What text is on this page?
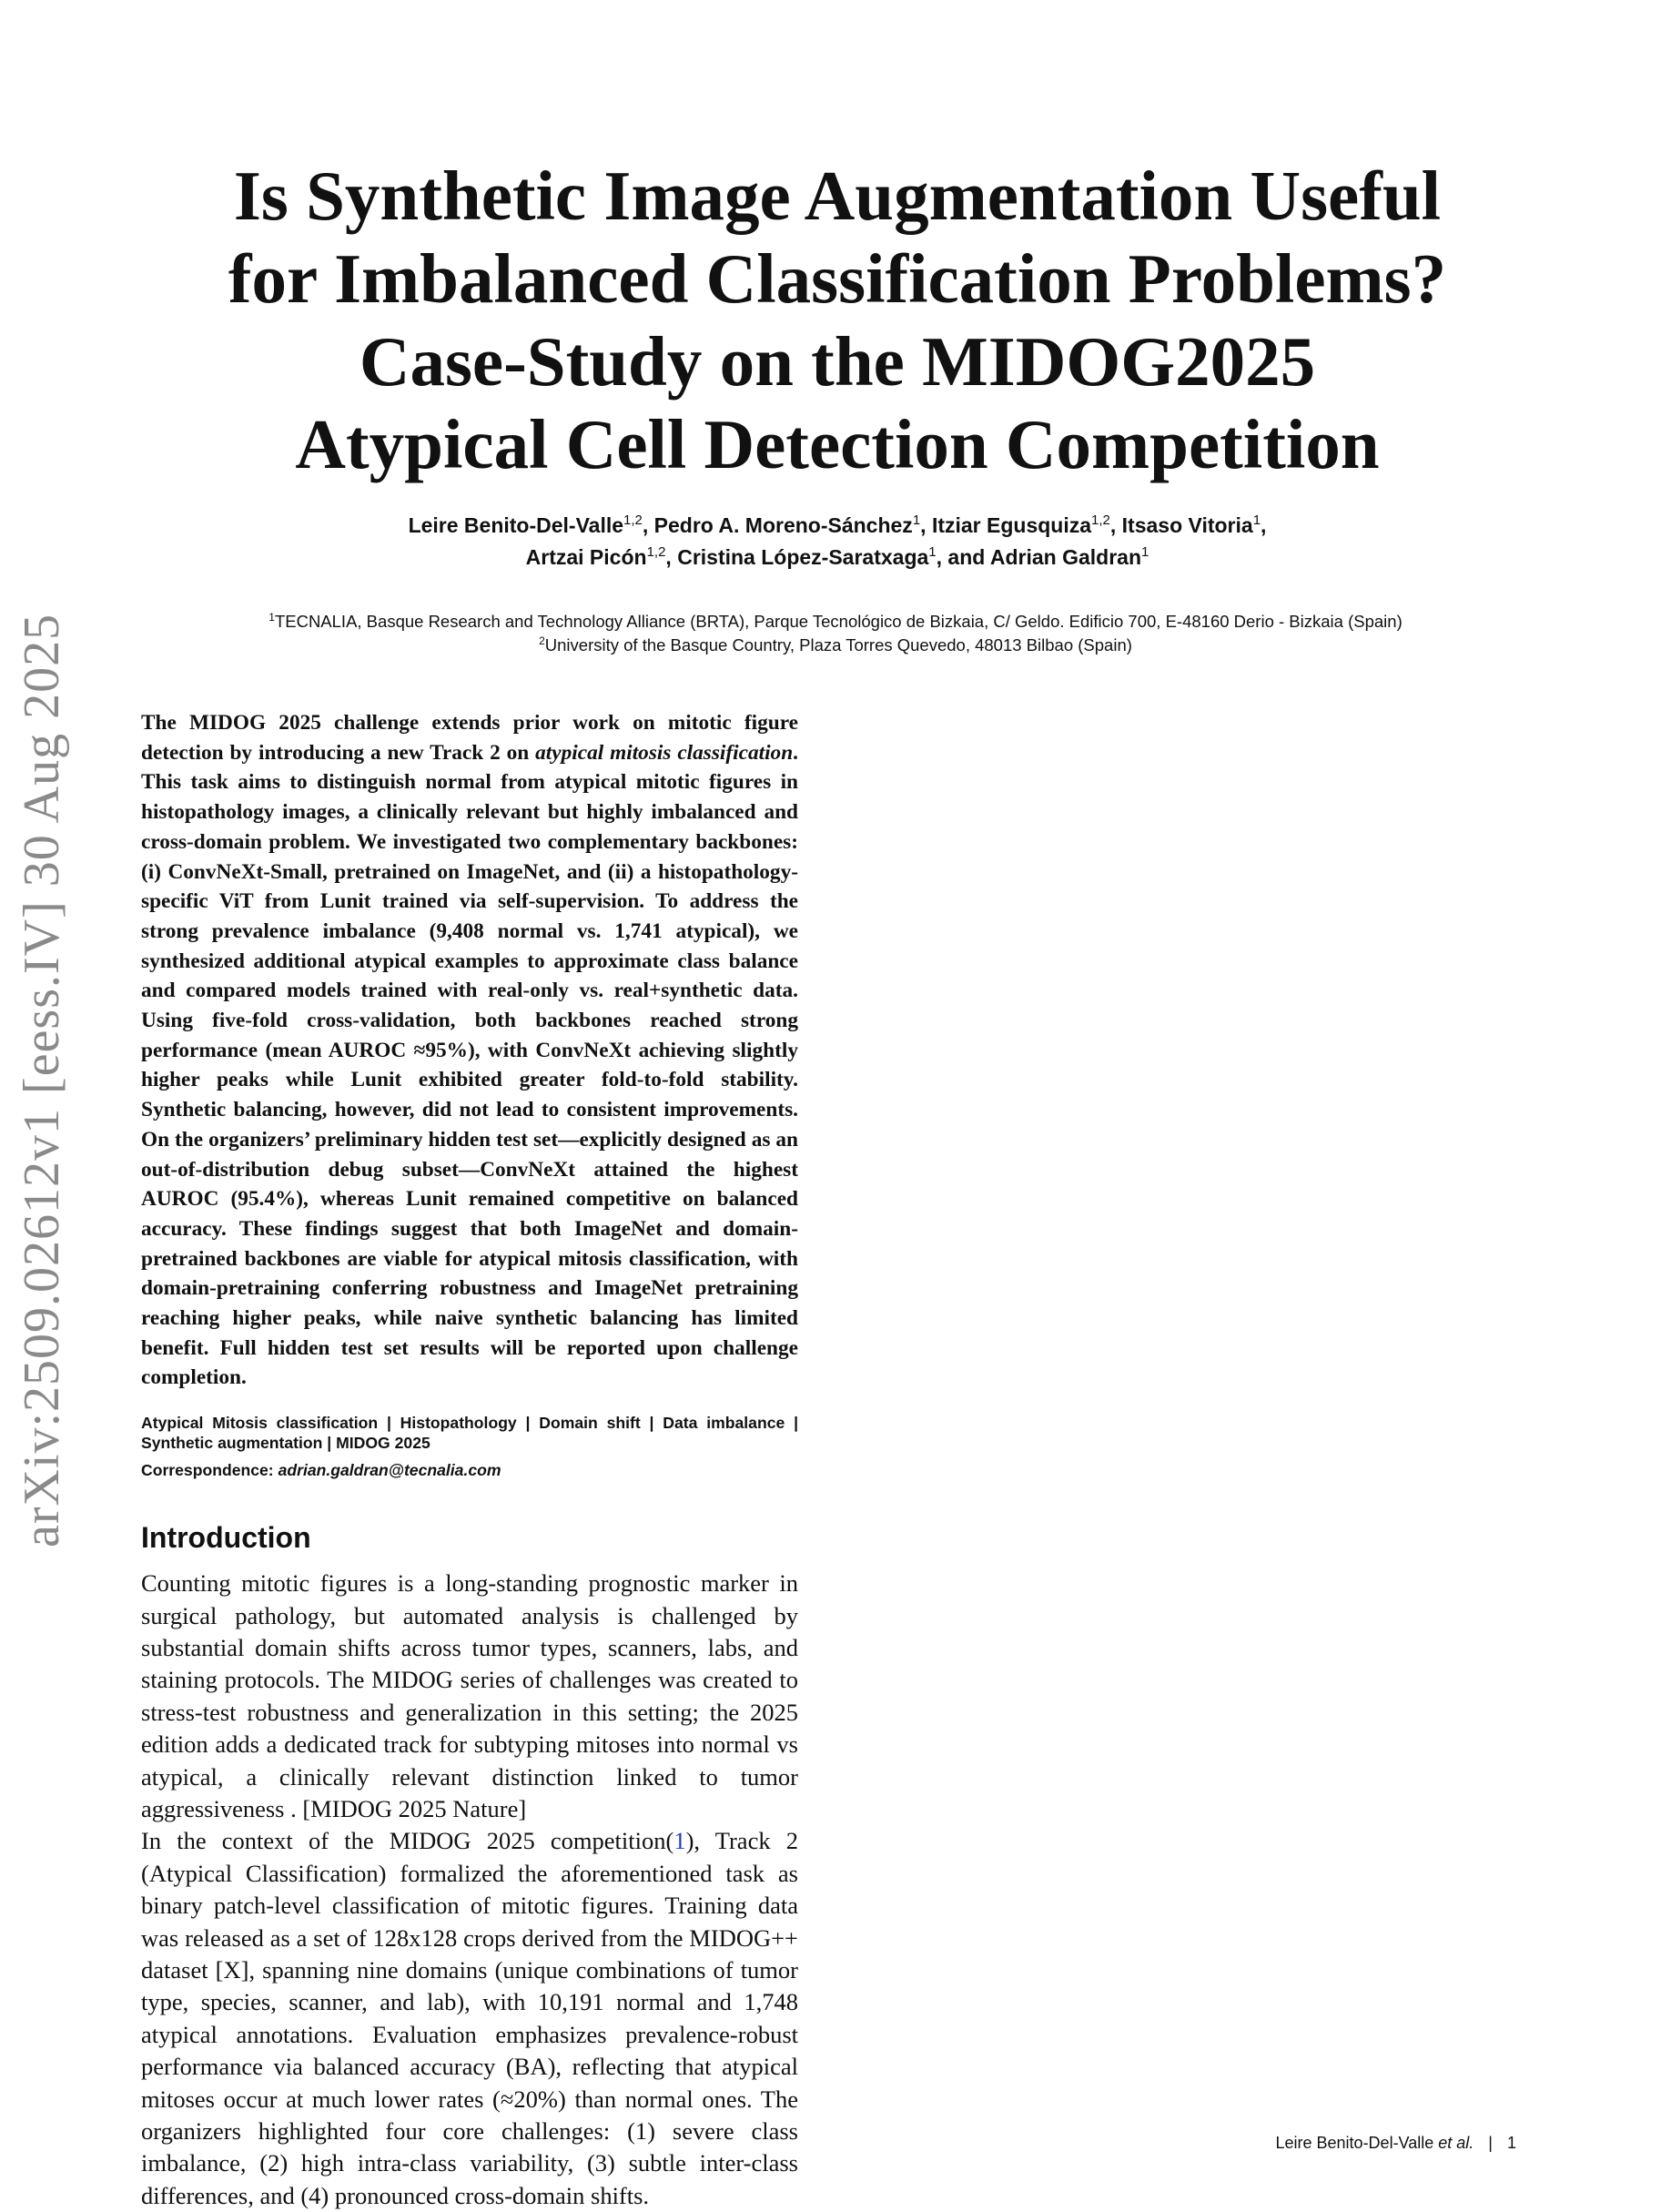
arXiv:2509.02612v1 [eess.IV] 30 Aug 2025
Is Synthetic Image Augmentation Useful
for Imbalanced Classification Problems?
Case-Study on the MIDOG2025
Atypical Cell Detection Competition
Leire Benito-Del-Valle$^{1,2}$, Pedro A. Moreno-Sánchez$^1$, Itziar Egusquiza$^{1,2}$, Itsaso Vitoria$^1$,
Artzai Picón$^{1,2}$, Cristina López-Saratxaga$^1$, and Adrian Galdran$^1$
$^1$TECNALIA, Basque Research and Technology Alliance (BRTA), Parque Tecnológico de Bizkaia, C/ Geldo. Edificio 700, E-48160 Derio - Bizkaia (Spain)
$^2$University of the Basque Country, Plaza Torres Quevedo, 48013 Bilbao (Spain)

The MIDOG 2025 challenge extends prior work on mitotic figure detection by introducing a new Track 2 on atypical mitosis classification. This task aims to distinguish normal from atypical mitotic figures in histopathology images, a clinically relevant but highly imbalanced and cross-domain problem. We investigated two complementary backbones: (i) ConvNeXt-Small, pretrained on ImageNet, and (ii) a histopathology-specific ViT from Lunit trained via self-supervision. To address the strong prevalence imbalance (9,408 normal vs. 1,741 atypical), we synthesized additional atypical examples to approximate class balance and compared models trained with real-only vs. real+synthetic data. Using five-fold cross-validation, both backbones reached strong performance (mean AUROC ≈95%), with ConvNeXt achieving slightly higher peaks while Lunit exhibited greater fold-to-fold stability. Synthetic balancing, however, did not lead to consistent improvements. On the organizers’ preliminary hidden test set—explicitly designed as an out-of-distribution debug subset—ConvNeXt attained the highest AUROC (95.4%), whereas Lunit remained competitive on balanced accuracy. These findings suggest that both ImageNet and domain-pretrained backbones are viable for atypical mitosis classification, with domain-pretraining conferring robustness and ImageNet pretraining reaching higher peaks, while naive synthetic balancing has limited benefit. Full hidden test set results will be reported upon challenge completion.

Atypical Mitosis classification | Histopathology | Domain shift | Data imbalance | Synthetic augmentation | MIDOG 2025

Correspondence: adrian.galdran@tecnalia.com

Introduction

Counting mitotic figures is a long-standing prognostic marker in surgical pathology, but automated analysis is challenged by substantial domain shifts across tumor types, scanners, labs, and staining protocols. The MIDOG series of challenges was created to stress-test robustness and generalization in this setting; the 2025 edition adds a dedicated track for subtyping mitoses into normal vs atypical, a clinically relevant distinction linked to tumor aggressiveness . [MIDOG 2025 Nature]

In the context of the MIDOG 2025 competition(1), Track 2 (Atypical Classification) formalized the aforementioned task as binary patch-level classification of mitotic figures. Training data was released as a set of 128x128 crops derived from the MIDOG++ dataset [X], spanning nine domains (unique combinations of tumor type, species, scanner, and lab), with 10,191 normal and 1,748 atypical annotations. Evaluation emphasizes prevalence-robust performance via balanced accuracy (BA), reflecting that atypical mitoses occur at much lower rates (≈20%) than normal ones. The organizers highlighted four core challenges: (1) severe class imbalance, (2) high intra-class variability, (3) subtle inter-class differences, and (4) pronounced cross-domain shifts.

Leire Benito-Del-Valle et al. | 1
